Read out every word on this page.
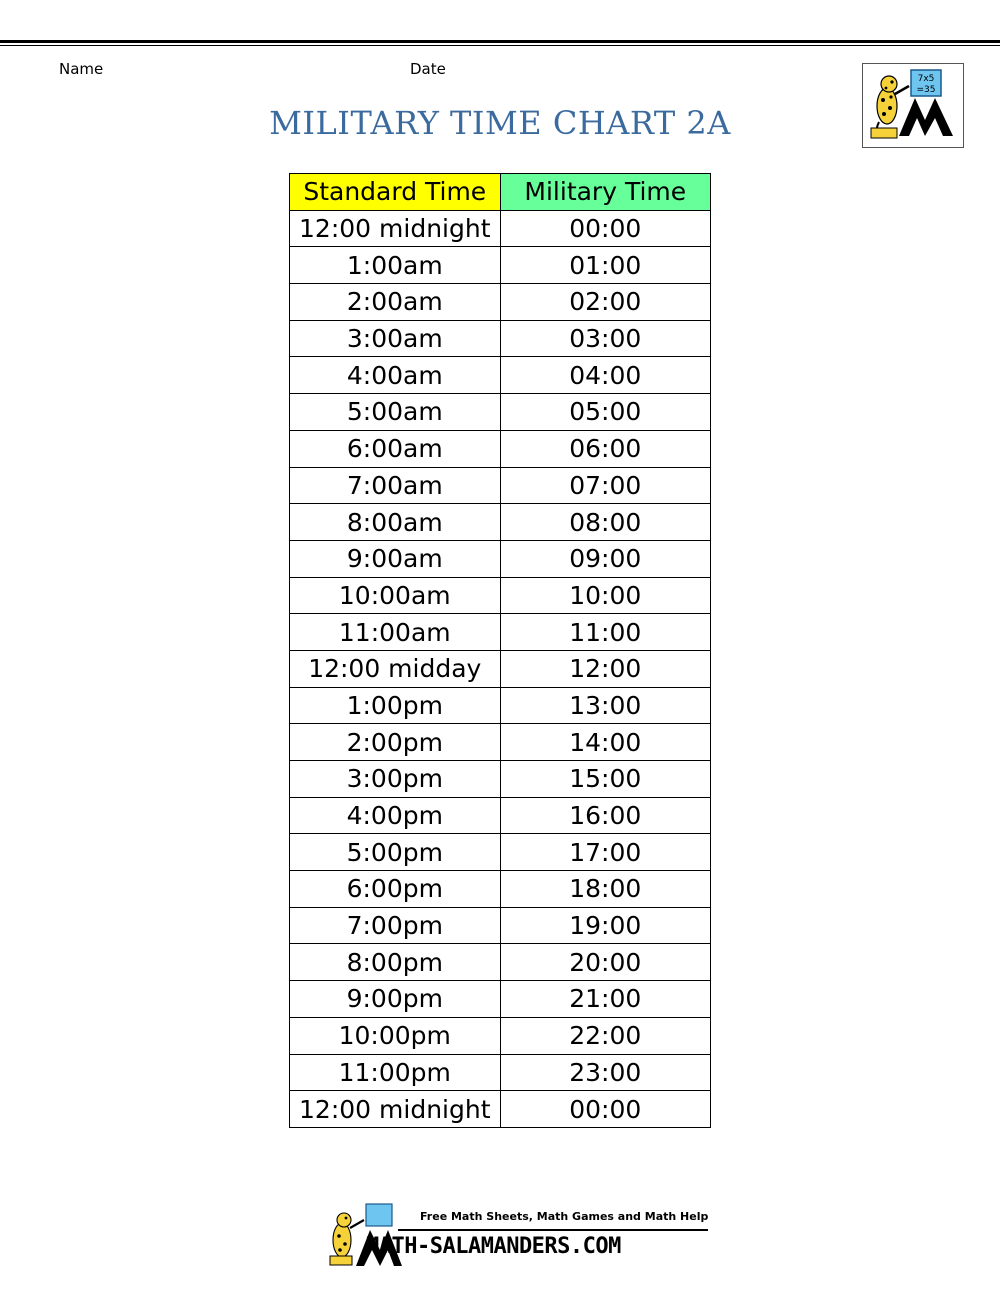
Name	Date
7x5
=35
MILITARY TIME CHART 2A
Standard Time	Military Time
12:00 midnight	00:00
1:00am	01:00
2:00am	02:00
3:00am	03:00
4:00am	04:00
5:00am	05:00
6:00am	06:00
7:00am	07:00
8:00am	08:00
9:00am	09:00
10:00am	10:00
11:00am	11:00
12:00 midday	12:00
1:00pm	13:00
2:00pm	14:00
3:00pm	15:00
4:00pm	16:00
5:00pm	17:00
6:00pm	18:00
7:00pm	19:00
8:00pm	20:00
9:00pm	21:00
10:00pm	22:00
11:00pm	23:00
12:00 midnight	00:00
Free Math Sheets, Math Games and Math Help
MATH-SALAMANDERS.COM
